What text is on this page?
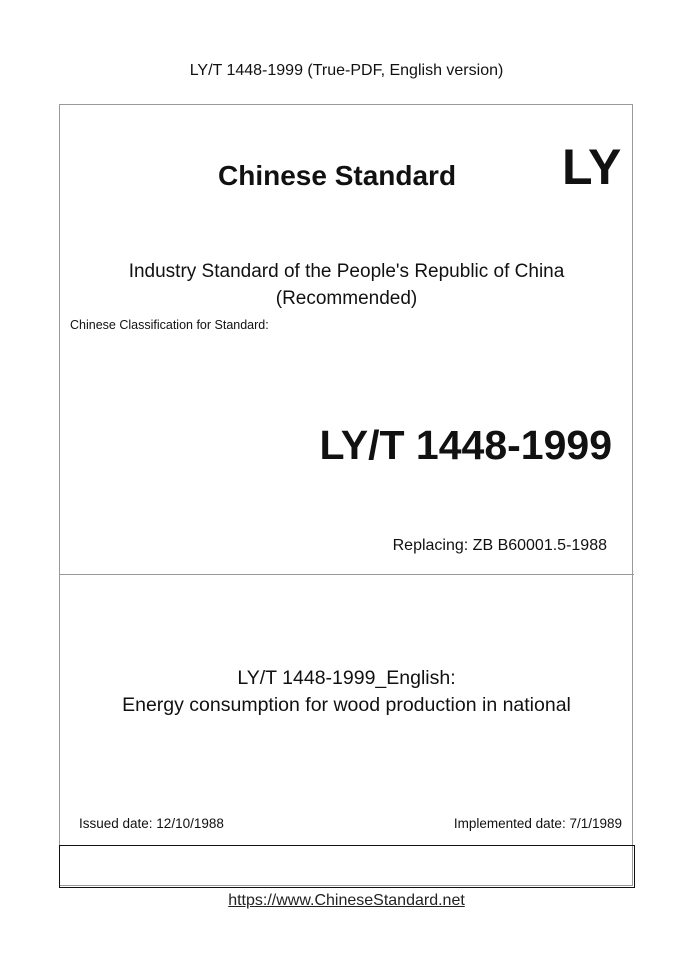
LY/T 1448-1999 (True-PDF, English version)
Chinese Standard LY
Industry Standard of the People's Republic of China
(Recommended)
Chinese Classification for Standard:
LY/T 1448-1999
Replacing: ZB B60001.5-1988
LY/T 1448-1999_English:
Energy consumption for wood production in national
Issued date: 12/10/1988	Implemented date: 7/1/1989
https://www.ChineseStandard.net
